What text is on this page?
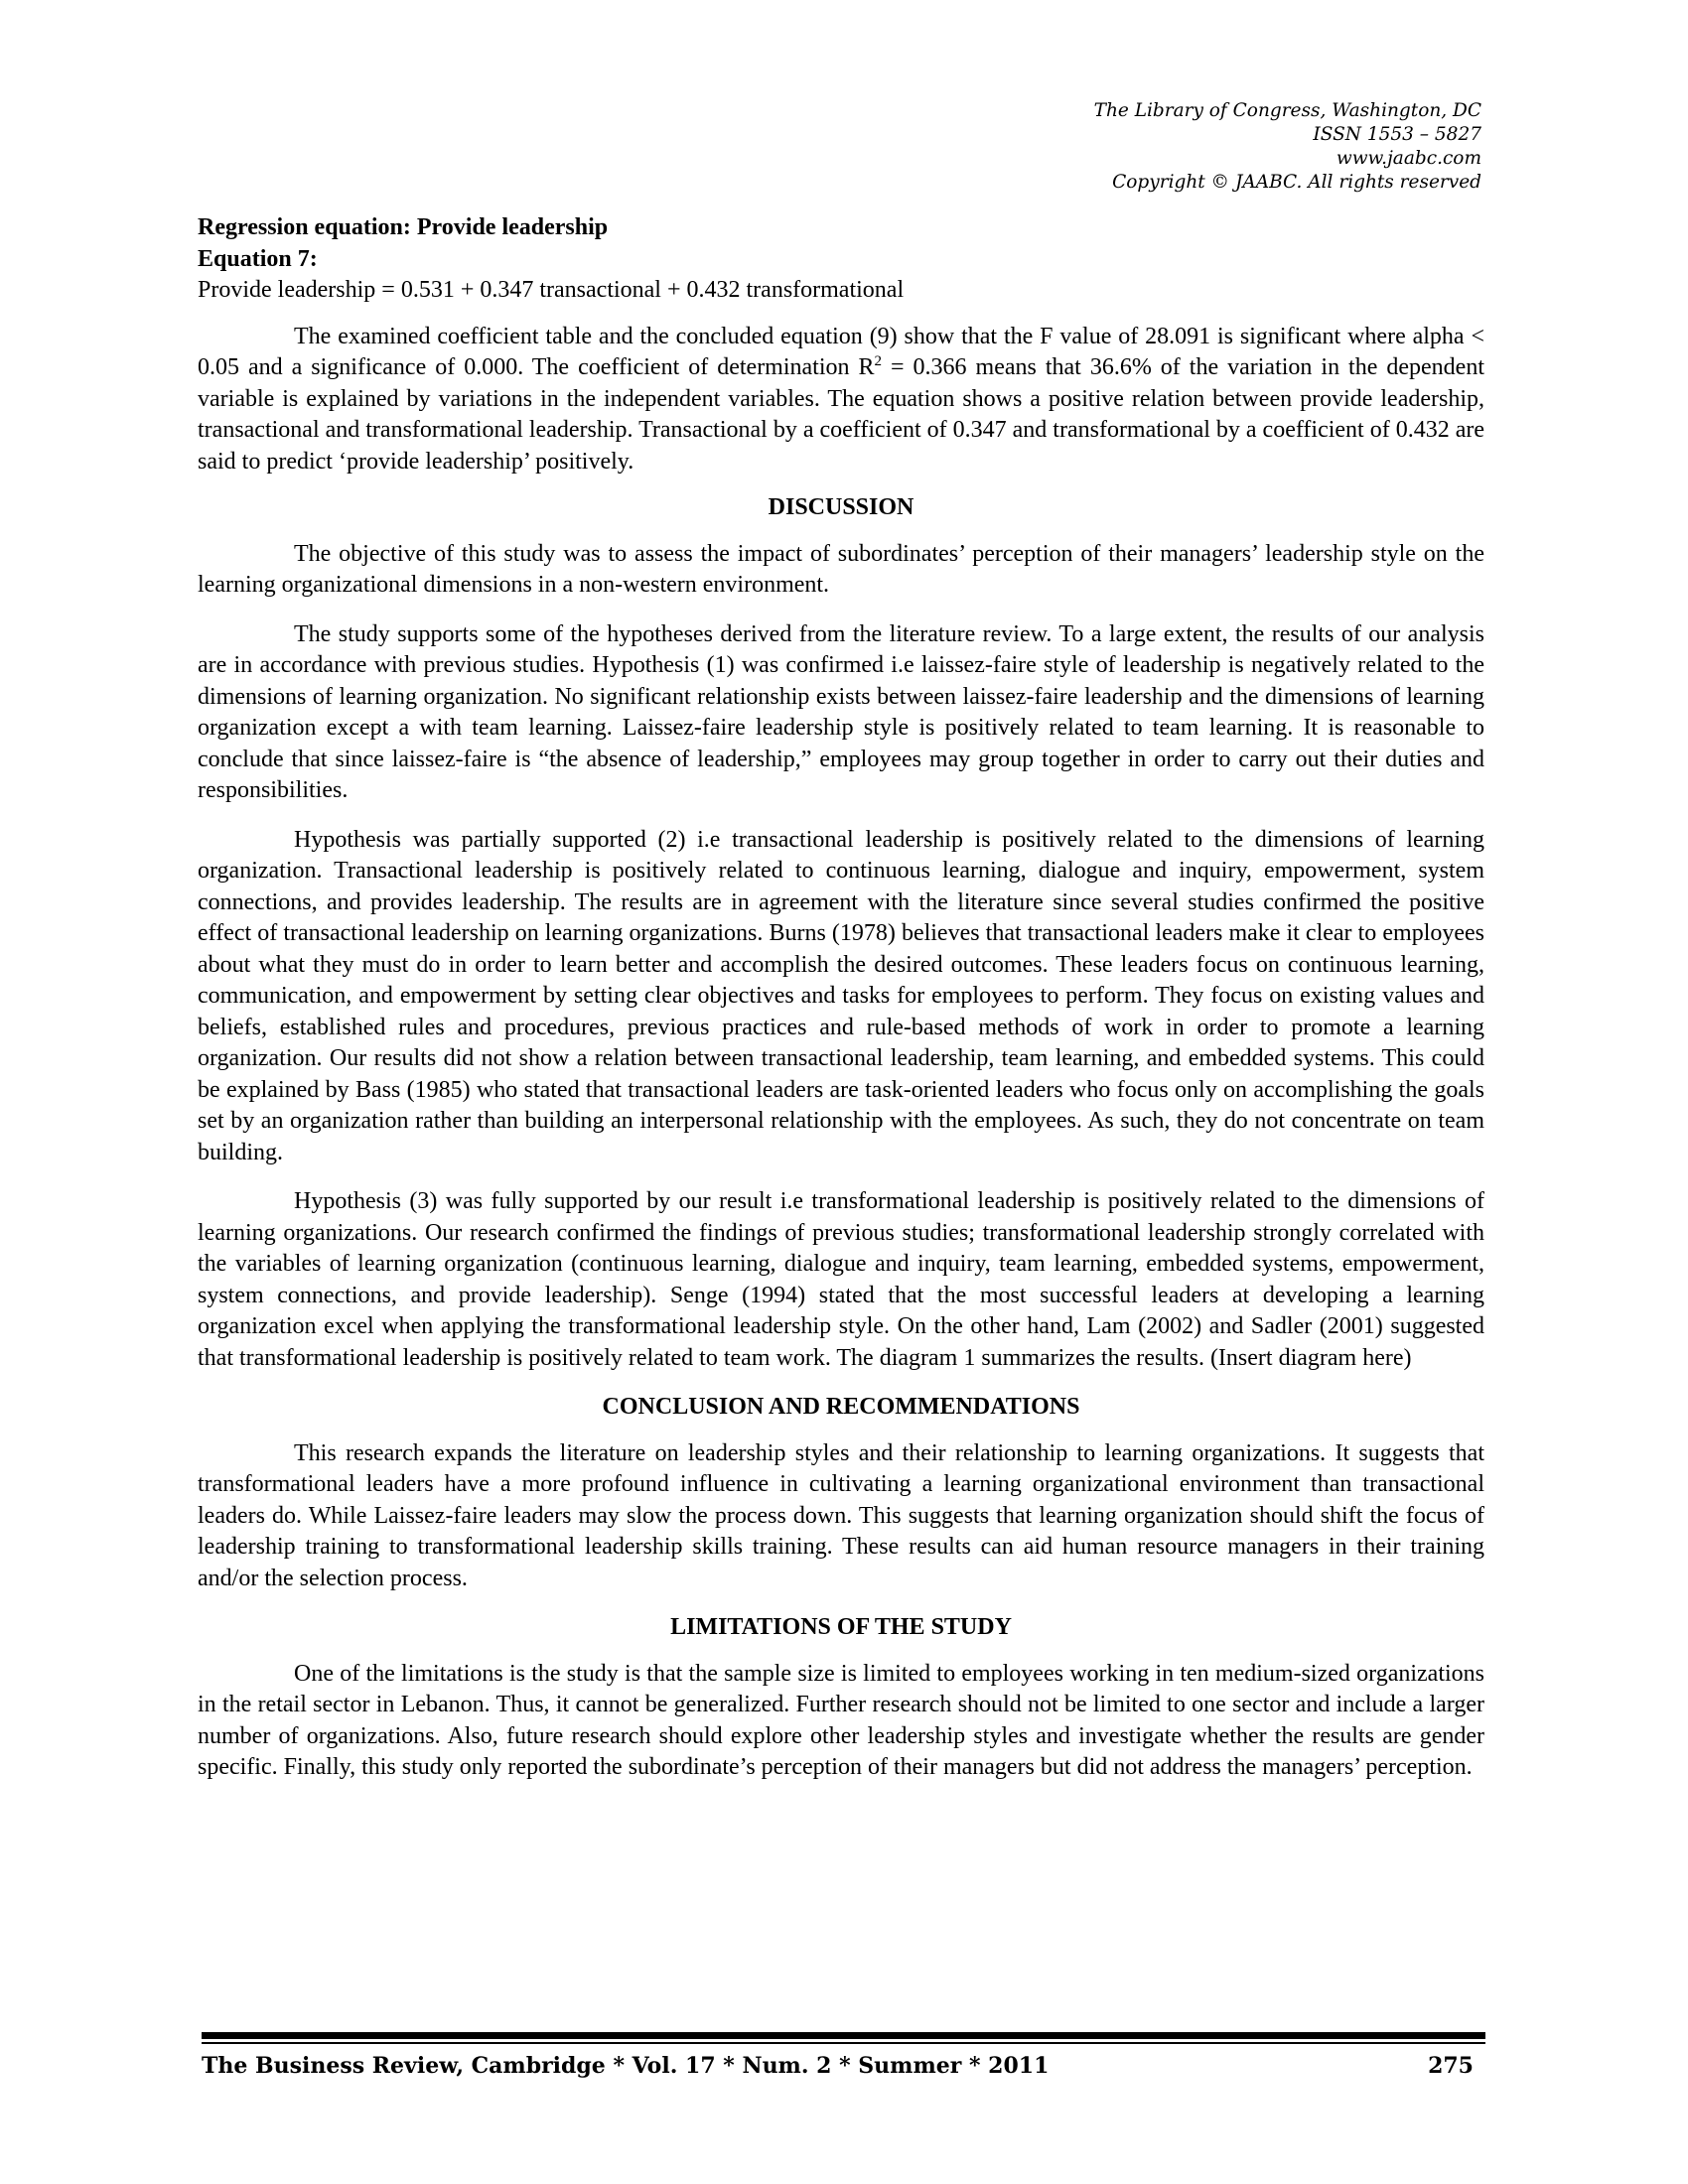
The Library of Congress, Washington, DC
ISSN 1553 – 5827
www.jaabc.com
Copyright © JAABC. All rights reserved
Regression equation: Provide leadership
Equation 7:
Provide leadership = 0.531 + 0.347 transactional + 0.432 transformational

The examined coefficient table and the concluded equation (9) show that the F value of 28.091 is significant where alpha < 0.05 and a significance of 0.000. The coefficient of determination $R^2 = 0.366$ means that 36.6% of the variation in the dependent variable is explained by variations in the independent variables. The equation shows a positive relation between provide leadership, transactional and transformational leadership. Transactional by a coefficient of 0.347 and transformational by a coefficient of 0.432 are said to predict ‘provide leadership’ positively.

DISCUSSION

The objective of this study was to assess the impact of subordinates’ perception of their managers’ leadership style on the learning organizational dimensions in a non-western environment.

The study supports some of the hypotheses derived from the literature review. To a large extent, the results of our analysis are in accordance with previous studies. Hypothesis (1) was confirmed i.e laissez-faire style of leadership is negatively related to the dimensions of learning organization. No significant relationship exists between laissez-faire leadership and the dimensions of learning organization except a with team learning. Laissez-faire leadership style is positively related to team learning. It is reasonable to conclude that since laissez-faire is “the absence of leadership,” employees may group together in order to carry out their duties and responsibilities.

Hypothesis was partially supported (2) i.e transactional leadership is positively related to the dimensions of learning organization. Transactional leadership is positively related to continuous learning, dialogue and inquiry, empowerment, system connections, and provides leadership. The results are in agreement with the literature since several studies confirmed the positive effect of transactional leadership on learning organizations. Burns (1978) believes that transactional leaders make it clear to employees about what they must do in order to learn better and accomplish the desired outcomes. These leaders focus on continuous learning, communication, and empowerment by setting clear objectives and tasks for employees to perform. They focus on existing values and beliefs, established rules and procedures, previous practices and rule-based methods of work in order to promote a learning organization. Our results did not show a relation between transactional leadership, team learning, and embedded systems. This could be explained by Bass (1985) who stated that transactional leaders are task-oriented leaders who focus only on accomplishing the goals set by an organization rather than building an interpersonal relationship with the employees. As such, they do not concentrate on team building.

Hypothesis (3) was fully supported by our result i.e transformational leadership is positively related to the dimensions of learning organizations. Our research confirmed the findings of previous studies; transformational leadership strongly correlated with the variables of learning organization (continuous learning, dialogue and inquiry, team learning, embedded systems, empowerment, system connections, and provide leadership). Senge (1994) stated that the most successful leaders at developing a learning organization excel when applying the transformational leadership style. On the other hand, Lam (2002) and Sadler (2001) suggested that transformational leadership is positively related to team work. The diagram 1 summarizes the results. (Insert diagram here)

CONCLUSION AND RECOMMENDATIONS

This research expands the literature on leadership styles and their relationship to learning organizations. It suggests that transformational leaders have a more profound influence in cultivating a learning organizational environment than transactional leaders do. While Laissez-faire leaders may slow the process down. This suggests that learning organization should shift the focus of leadership training to transformational leadership skills training. These results can aid human resource managers in their training and/or the selection process.

LIMITATIONS OF THE STUDY

One of the limitations is the study is that the sample size is limited to employees working in ten medium-sized organizations in the retail sector in Lebanon. Thus, it cannot be generalized. Further research should not be limited to one sector and include a larger number of organizations. Also, future research should explore other leadership styles and investigate whether the results are gender specific. Finally, this study only reported the subordinate’s perception of their managers but did not address the managers’ perception.

The Business Review, Cambridge * Vol. 17 * Num. 2 * Summer * 2011	275
